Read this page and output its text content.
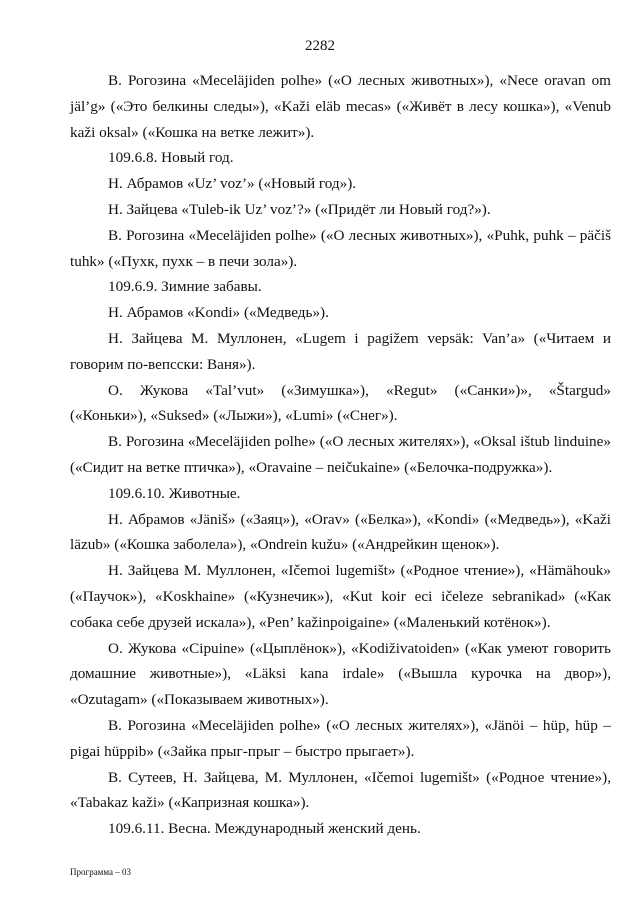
2282

В. Рогозина «Meceläjiden polhe» («О лесных животных»), «Nece oravan om jäl’g» («Это белкины следы»), «Kaži eläb mecas» («Живёт в лесу кошка»), «Venub kaži oksal» («Кошка на ветке лежит»).

109.6.8. Новый год.

Н. Абрамов «Uz’ voz’» («Новый год»).

Н. Зайцева «Tuleb-ik Uz’ voz’?» («Придёт ли Новый год?»).

В. Рогозина «Meceläjiden polhe» («О лесных животных»), «Puhk, puhk – päčiš tuhk» («Пухк, пухк – в печи зола»).

109.6.9. Зимние забавы.

Н. Абрамов «Kondi» («Медведь»).

Н. Зайцева М. Муллонен, «Lugem i pagižem vepsäk: Van’a» («Читаем и говорим по-вепсски: Ваня»).

О. Жукова «Tal’vut» («Зимушка»), «Regut» («Санки»)», «Štargud» («Коньки»), «Suksed» («Лыжи»), «Lumi» («Снег»).

В. Рогозина «Meceläjiden polhe» («О лесных жителях»), «Oksal ištub linduine» («Сидит на ветке птичка»), «Oravaine – neičukaine» («Белочка-подружка»).

109.6.10. Животные.

Н. Абрамов «Jäniš» («Заяц»), «Orav» («Белка»), «Kondi» («Медведь»), «Kaži läzub» («Кошка заболела»), «Ondrein kužu» («Андрейкин щенок»).

Н. Зайцева М. Муллонен, «Ičemoi lugemišt» («Родное чтение»), «Hämähouk» («Паучок»), «Koskhaine» («Кузнечик»), «Kut koir eci ičeleze sebranikad» («Как собака себе друзей искала»), «Pen’ kažinpoigaine» («Маленький котёнок»).

О. Жукова «Cipuine» («Цыплёнок»), «Kodiživatoiden» («Как умеют говорить домашние животные»), «Läksi kana irdale» («Вышла курочка на двор»), «Ozutagam» («Показываем животных»).

В. Рогозина «Meceläjiden polhe» («О лесных жителях»), «Jänöi – hüp, hüp – pigai hüppib» («Зайка прыг-прыг – быстро прыгает»).

В. Сутеев, Н. Зайцева, М. Муллонен, «Ičemoi lugemišt» («Родное чтение»), «Tabakaz kaži» («Капризная кошка»).

109.6.11. Весна. Международный женский день.

Программа – 03
